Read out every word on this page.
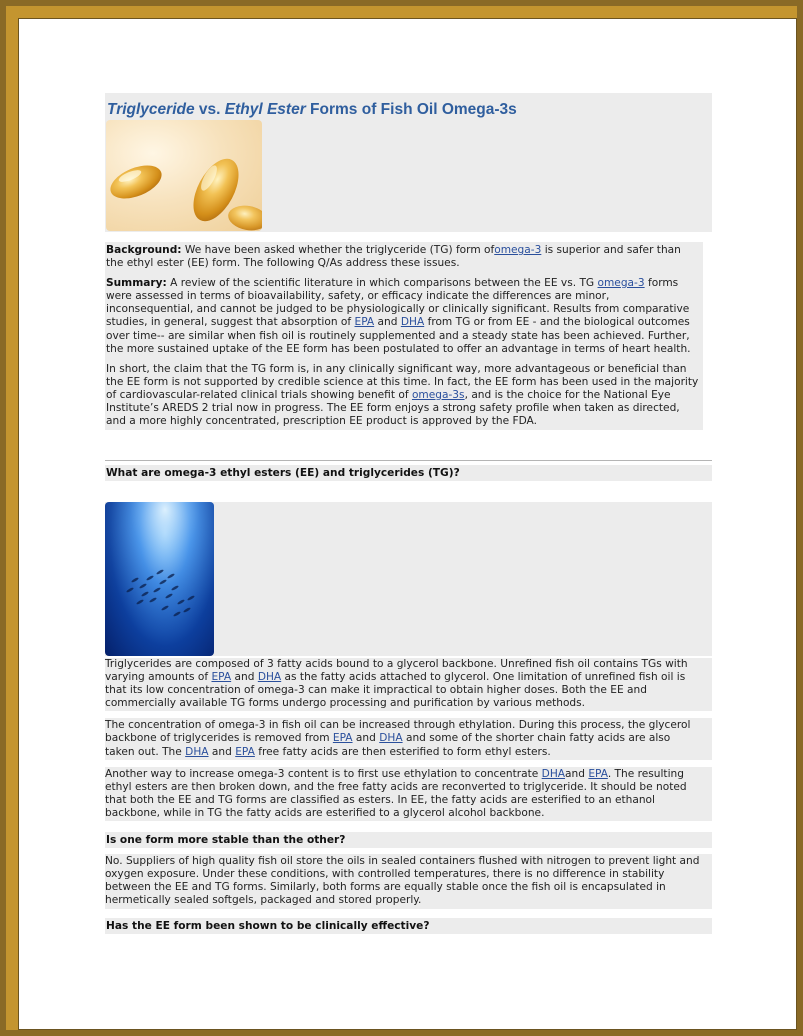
Triglyceride vs. Ethyl Ester Forms of Fish Oil Omega-3s

Background: We have been asked whether the triglyceride (TG) form ofomega-3 is superior and safer than the ethyl ester (EE) form. The following Q/As address these issues.

Summary: A review of the scientific literature in which comparisons between the EE vs. TG omega-3 forms were assessed in terms of bioavailability, safety, or efficacy indicate the differences are minor, inconsequential, and cannot be judged to be physiologically or clinically significant. Results from comparative studies, in general, suggest that absorption of EPA and DHA from TG or from EE - and the biological outcomes over time-- are similar when fish oil is routinely supplemented and a steady state has been achieved. Further, the more sustained uptake of the EE form has been postulated to offer an advantage in terms of heart health.

In short, the claim that the TG form is, in any clinically significant way, more advantageous or beneficial than the EE form is not supported by credible science at this time. In fact, the EE form has been used in the majority of cardiovascular-related clinical trials showing benefit of omega-3s, and is the choice for the National Eye Institute’s AREDS 2 trial now in progress. The EE form enjoys a strong safety profile when taken as directed, and a more highly concentrated, prescription EE product is approved by the FDA.

What are omega-3 ethyl esters (EE) and triglycerides (TG)?

Triglycerides are composed of 3 fatty acids bound to a glycerol backbone. Unrefined fish oil contains TGs with varying amounts of EPA and DHA as the fatty acids attached to glycerol. One limitation of unrefined fish oil is that its low concentration of omega-3 can make it impractical to obtain higher doses. Both the EE and commercially available TG forms undergo processing and purification by various methods.

The concentration of omega-3 in fish oil can be increased through ethylation. During this process, the glycerol backbone of triglycerides is removed from EPA and DHA and some of the shorter chain fatty acids are also taken out. The DHA and EPA free fatty acids are then esterified to form ethyl esters.

Another way to increase omega-3 content is to first use ethylation to concentrate DHAand EPA. The resulting ethyl esters are then broken down, and the free fatty acids are reconverted to triglyceride. It should be noted that both the EE and TG forms are classified as esters. In EE, the fatty acids are esterified to an ethanol backbone, while in TG the fatty acids are esterified to a glycerol alcohol backbone.

Is one form more stable than the other?
No. Suppliers of high quality fish oil store the oils in sealed containers flushed with nitrogen to prevent light and oxygen exposure. Under these conditions, with controlled temperatures, there is no difference in stability between the EE and TG forms. Similarly, both forms are equally stable once the fish oil is encapsulated in hermetically sealed softgels, packaged and stored properly.
Has the EE form been shown to be clinically effective?
